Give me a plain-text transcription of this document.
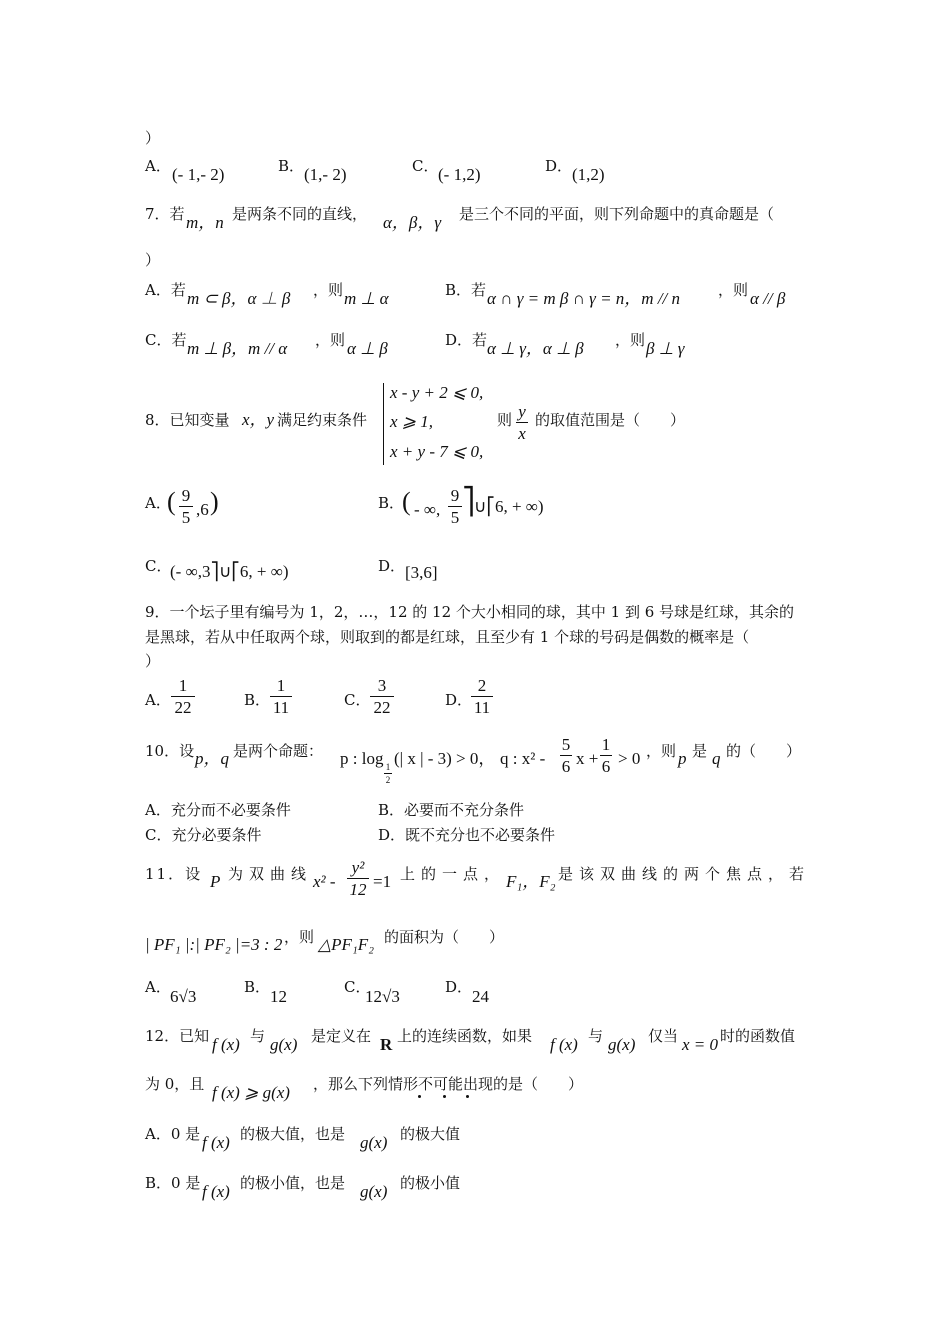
）
A． (- 1,- 2)	B． (1,- 2)	C． (- 1,2)	D． (1,2)
7．若 m，n 是两条不同的直线， α，β，γ 是三个不同的平面，则下列命题中的真命题是（
）
A．若 m ⊂ β，α ⊥ β ，则 m ⊥ α	B．若 α ∩ γ = m β ∩ γ = n，m // n	，则 α // β
C．若 m ⊥ β，m // α ，则 α ⊥ β	D．若 α ⊥ γ，α ⊥ β ，则 β ⊥ γ
8．已知变量 x，y 满足约束条件
x - y + 2 ⩽ 0,
x ⩾ 1,
x + y - 7 ⩽ 0,
则 y
x
的取值范围是（　　）
A．
( 9
5 ,6 )	B．
( - ∞,
9
5
⎤ ∪⎡6, + ∞)
C．
(- ∞,3⎤∪⎡6, + ∞)	D． [3,6]
9．一个坛子里有编号为 1，2，…，12 的 12 个大小相同的球，其中 1 到 6 号球是红球，其余的
是黑球，若从中任取两个球，则取到的都是红球，且至少有 1 个球的号码是偶数的概率是（
）
A．
1
22	B．
1
11	C．
3
22	D．
2
11
10．设 p，q 是两个命题： p : log 1
2
(| x | - 3) > 0， q : x² -
5
6 x +
1
6 > 0 ，则 p 是 q 的（　　）
A．充分而不必要条件	B．必要而不充分条件
C．充分必要条件	D．既不充分也不必要条件
11．设 P 为双曲线 x² -
y²
12 =1 上的一点， F₁，F₂ 是该双曲线的两个焦点，若
| PF₁ |:| PF₂ |=3 : 2 ，则 △PF₁F₂ 的面积为（　　）
A． 6√3	B． 12	C．
12√3	D． 24
12．已知 f (x) 与 g(x) 是定义在 R 上的连续函数，如果 f (x) 与 g(x) 仅当 x = 0 时的函数值
为 0，且 f (x) ⩾ g(x) ，那么下列情形不可能出现的是（　　）
A．0 是 f (x) 的极大值，也是 g(x) 的极大值
B．0 是 f (x) 的极小值，也是 g(x) 的极小值
